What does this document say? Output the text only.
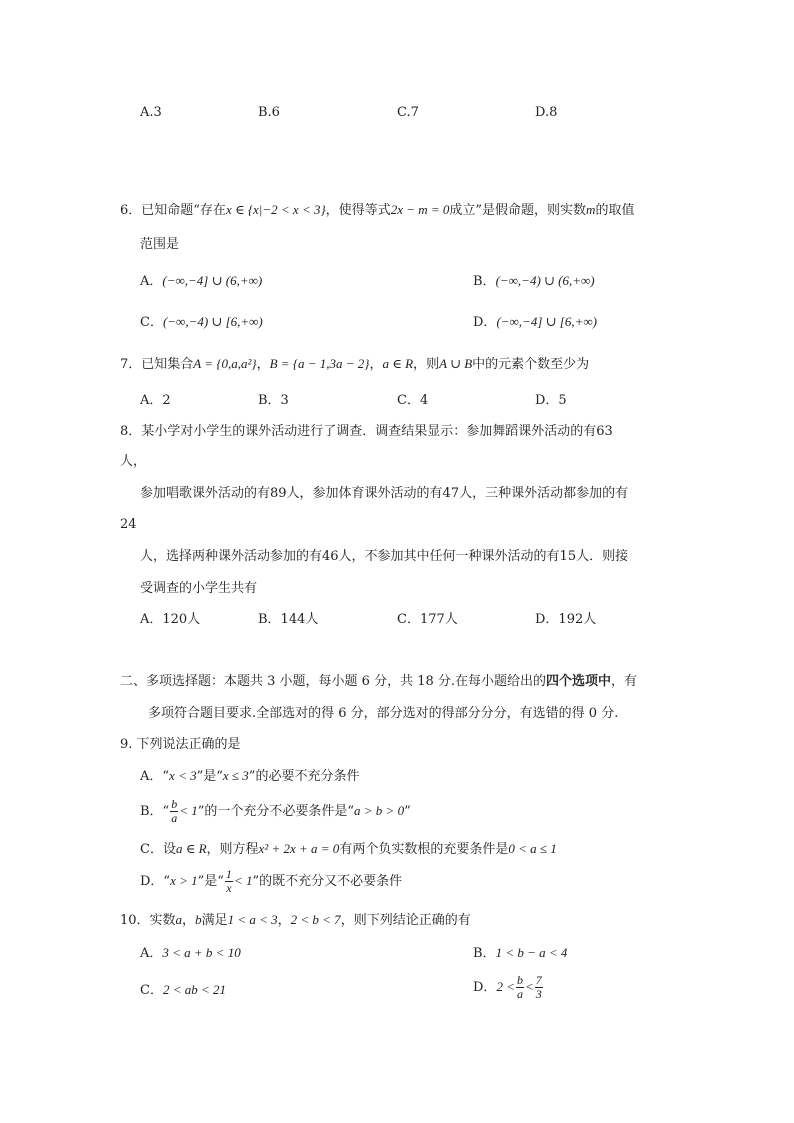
A.3	B.6	C.7	D.8
6．已知命题“存在x ∈ {x|−2 < x < 3}，使得等式2x − m = 0成立”是假命题，则实数m的取值
范围是
A．(−∞,−4] ∪ (6,+∞)	B．(−∞,−4) ∪ (6,+∞)
C．(−∞,−4) ∪ [6,+∞)	D．(−∞,−4] ∪ [6,+∞)
7．已知集合A = {0,a,a²}，B = {a − 1,3a − 2}，a ∈ R，则A ∪ B中的元素个数至少为
A．2	B．3	C．4	D．5
8．某小学对小学生的课外活动进行了调查．调查结果显示：参加舞蹈课外活动的有63
人，
参加唱歌课外活动的有89人，参加体育课外活动的有47人，三种课外活动都参加的有
24
人，选择两种课外活动参加的有46人，不参加其中任何一种课外活动的有15人．则接
受调查的小学生共有
A．120人	B．144人	C．177人	D．192人
二、多项选择题：本题共 3 小题，每小题 6 分，共 18 分.在每小题给出的四个选项中，有
多项符合题目要求.全部选对的得 6 分，部分选对的得部分分分，有选错的得 0 分.
9. 下列说法正确的是
A．“x < 3”是“x ≤ 3”的必要不充分条件
B．“ $\frac{b}{a} < 1$”的一个充分不必要条件是“a > b > 0”
C．设a ∈ R，则方程x² + 2x + a = 0有两个负实数根的充要条件是0 < a ≤ 1
D．“x > 1”是“ $\frac{1}{x} < 1$”的既不充分又不必要条件
10．实数a，b满足1 < a < 3，2 < b < 7，则下列结论正确的有
A．3 < a + b < 10	B．1 < b − a < 4
C．2 < ab < 21	D．$2 < \frac{b}{a} < \frac{7}{3}$
